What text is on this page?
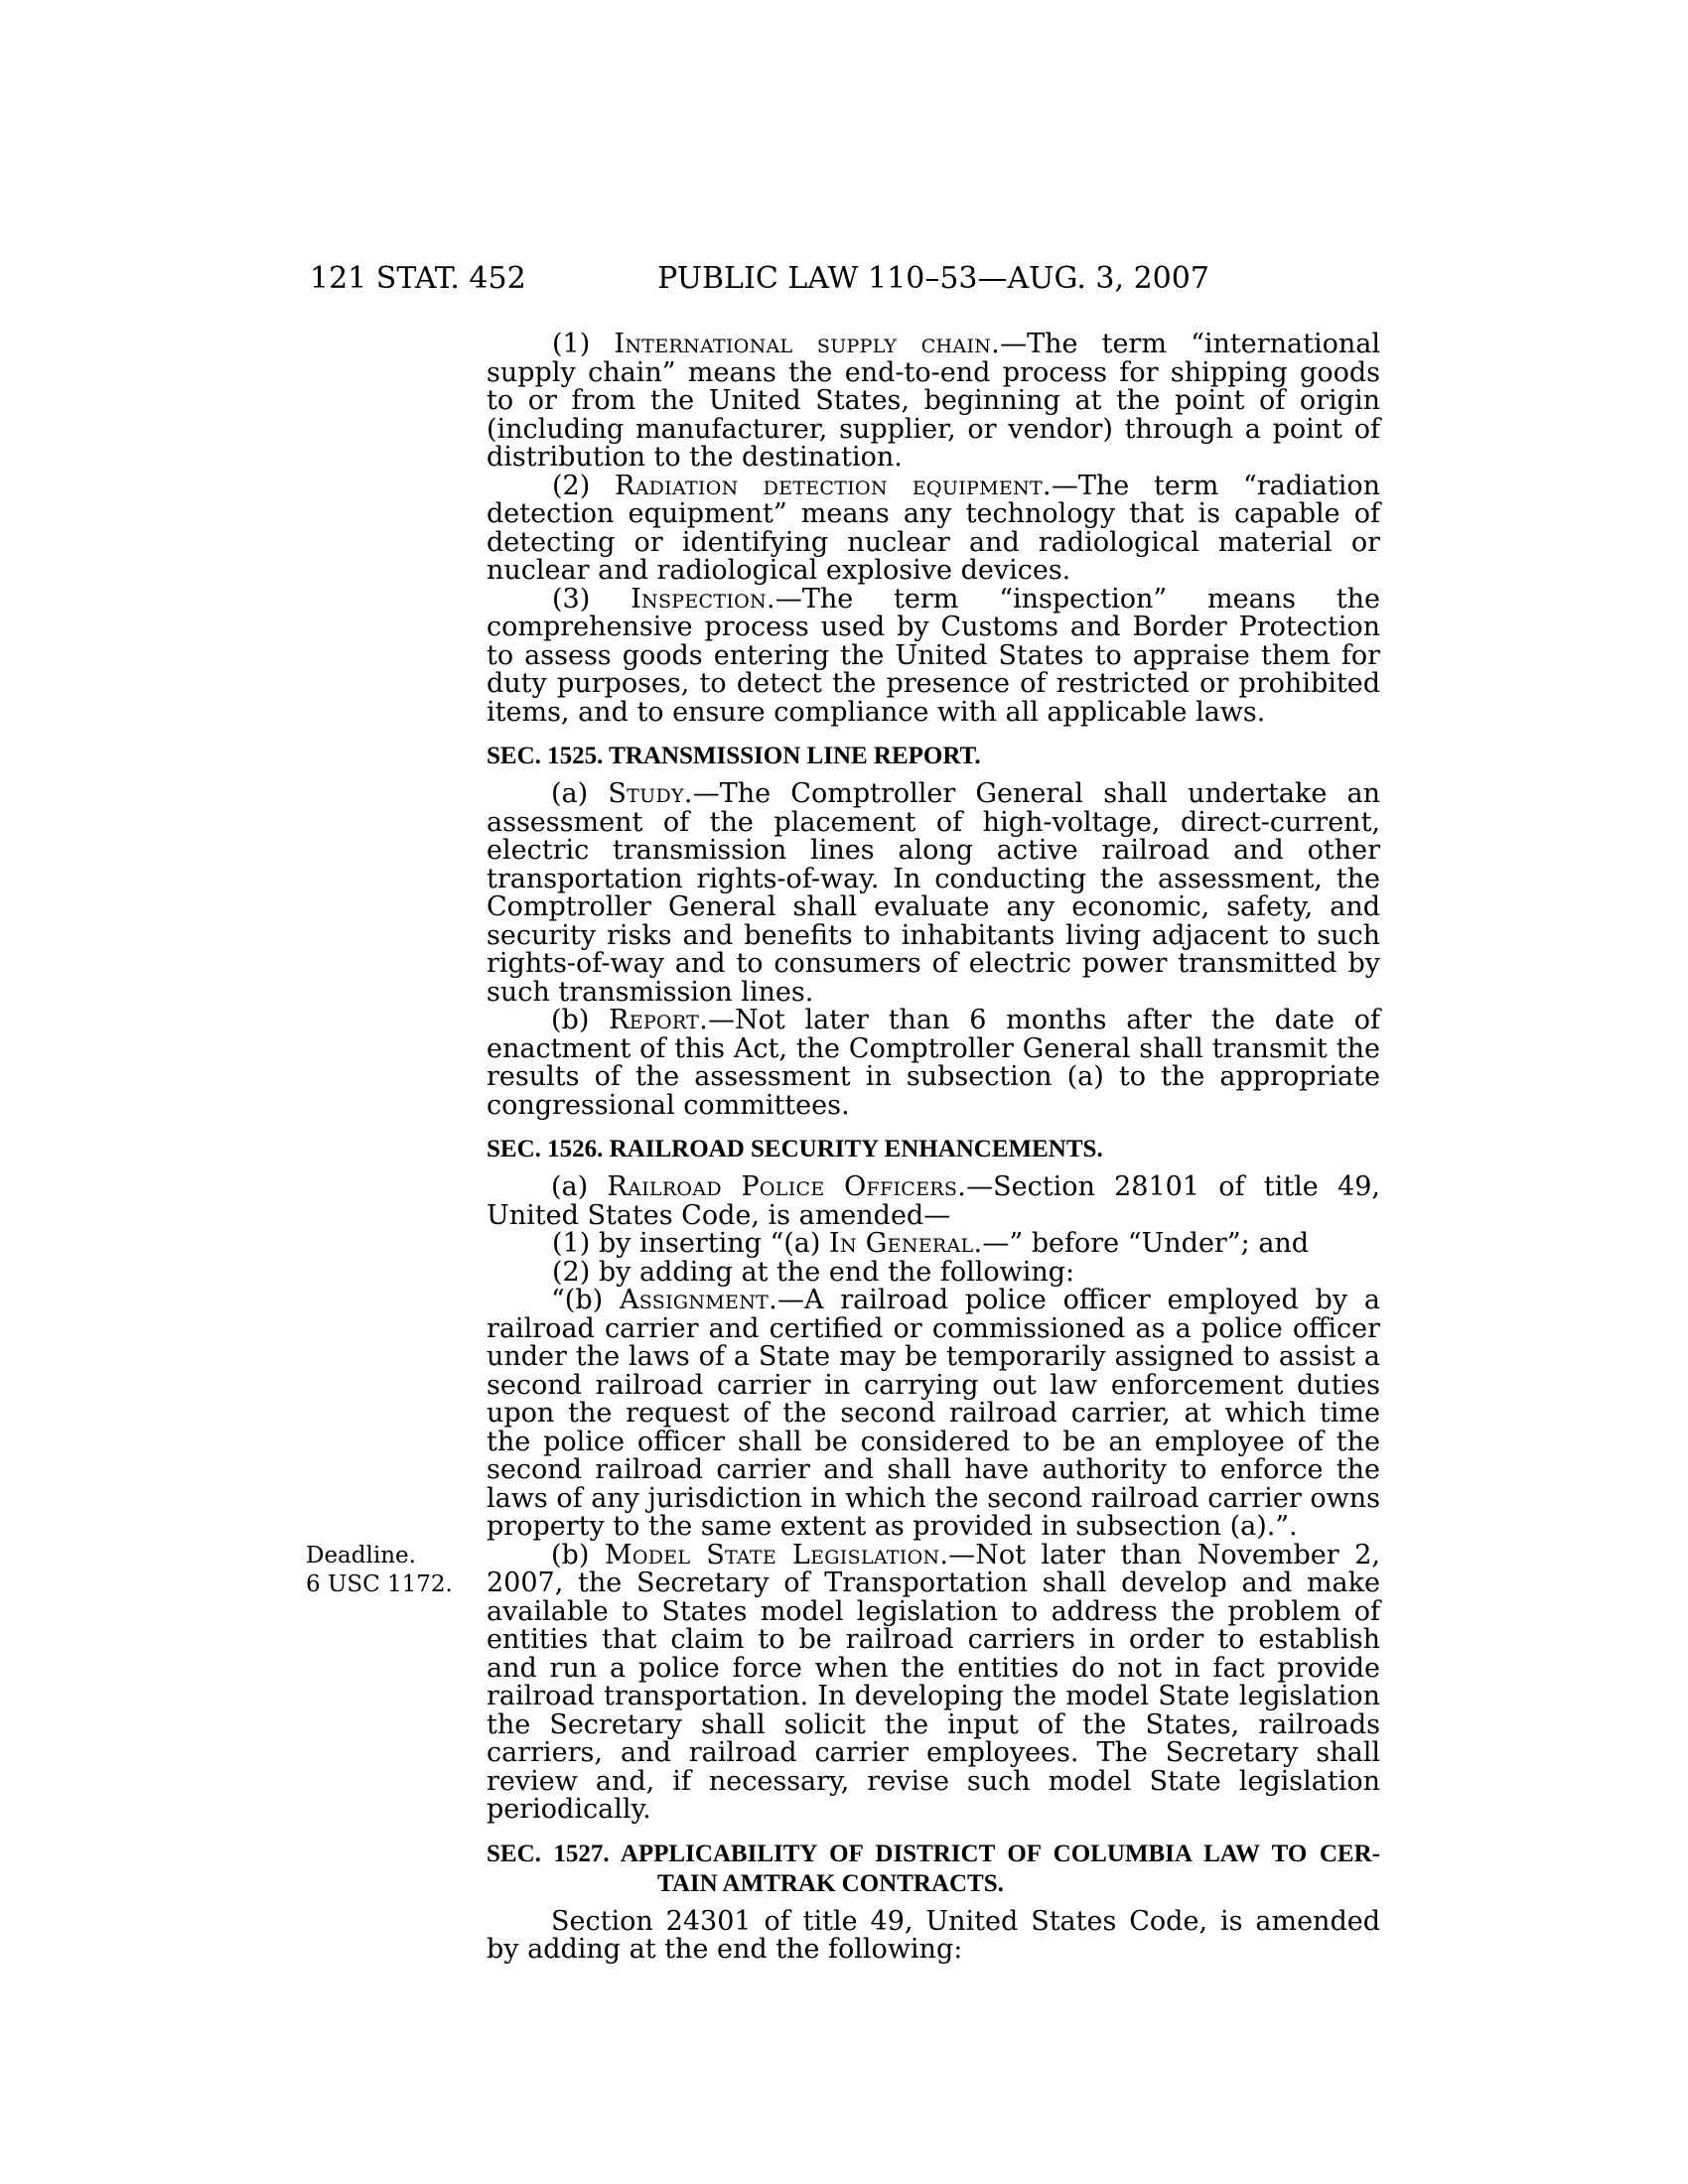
121 STAT. 452	PUBLIC LAW 110–53—AUG. 3, 2007

(1) International supply chain.—The term “international supply chain” means the end-to-end process for shipping goods to or from the United States, beginning at the point of origin (including manufacturer, supplier, or vendor) through a point of distribution to the destination.

(2) Radiation detection equipment.—The term “radiation detection equipment” means any technology that is capable of detecting or identifying nuclear and radiological material or nuclear and radiological explosive devices.

(3) Inspection.—The term “inspection” means the comprehensive process used by Customs and Border Protection to assess goods entering the United States to appraise them for duty purposes, to detect the presence of restricted or prohibited items, and to ensure compliance with all applicable laws.

SEC. 1525. TRANSMISSION LINE REPORT.

(a) Study.—The Comptroller General shall undertake an assessment of the placement of high-voltage, direct-current, electric transmission lines along active railroad and other transportation rights-of-way. In conducting the assessment, the Comptroller General shall evaluate any economic, safety, and security risks and benefits to inhabitants living adjacent to such rights-of-way and to consumers of electric power transmitted by such transmission lines.

(b) Report.—Not later than 6 months after the date of enactment of this Act, the Comptroller General shall transmit the results of the assessment in subsection (a) to the appropriate congressional committees.

SEC. 1526. RAILROAD SECURITY ENHANCEMENTS.

(a) Railroad Police Officers.—Section 28101 of title 49, United States Code, is amended—

(1) by inserting “(a) In General.—” before “Under”; and

(2) by adding at the end the following:

“(b) Assignment.—A railroad police officer employed by a railroad carrier and certified or commissioned as a police officer under the laws of a State may be temporarily assigned to assist a second railroad carrier in carrying out law enforcement duties upon the request of the second railroad carrier, at which time the police officer shall be considered to be an employee of the second railroad carrier and shall have authority to enforce the laws of any jurisdiction in which the second railroad carrier owns property to the same extent as provided in subsection (a).”.

Deadline.
6 USC 1172.
(b) Model State Legislation.—Not later than November 2, 2007, the Secretary of Transportation shall develop and make available to States model legislation to address the problem of entities that claim to be railroad carriers in order to establish and run a police force when the entities do not in fact provide railroad transportation. In developing the model State legislation the Secretary shall solicit the input of the States, railroads carriers, and railroad carrier employees. The Secretary shall review and, if necessary, revise such model State legislation periodically.

SEC. 1527. APPLICABILITY OF DISTRICT OF COLUMBIA LAW TO CER-
TAIN AMTRAK CONTRACTS.

Section 24301 of title 49, United States Code, is amended by adding at the end the following:
